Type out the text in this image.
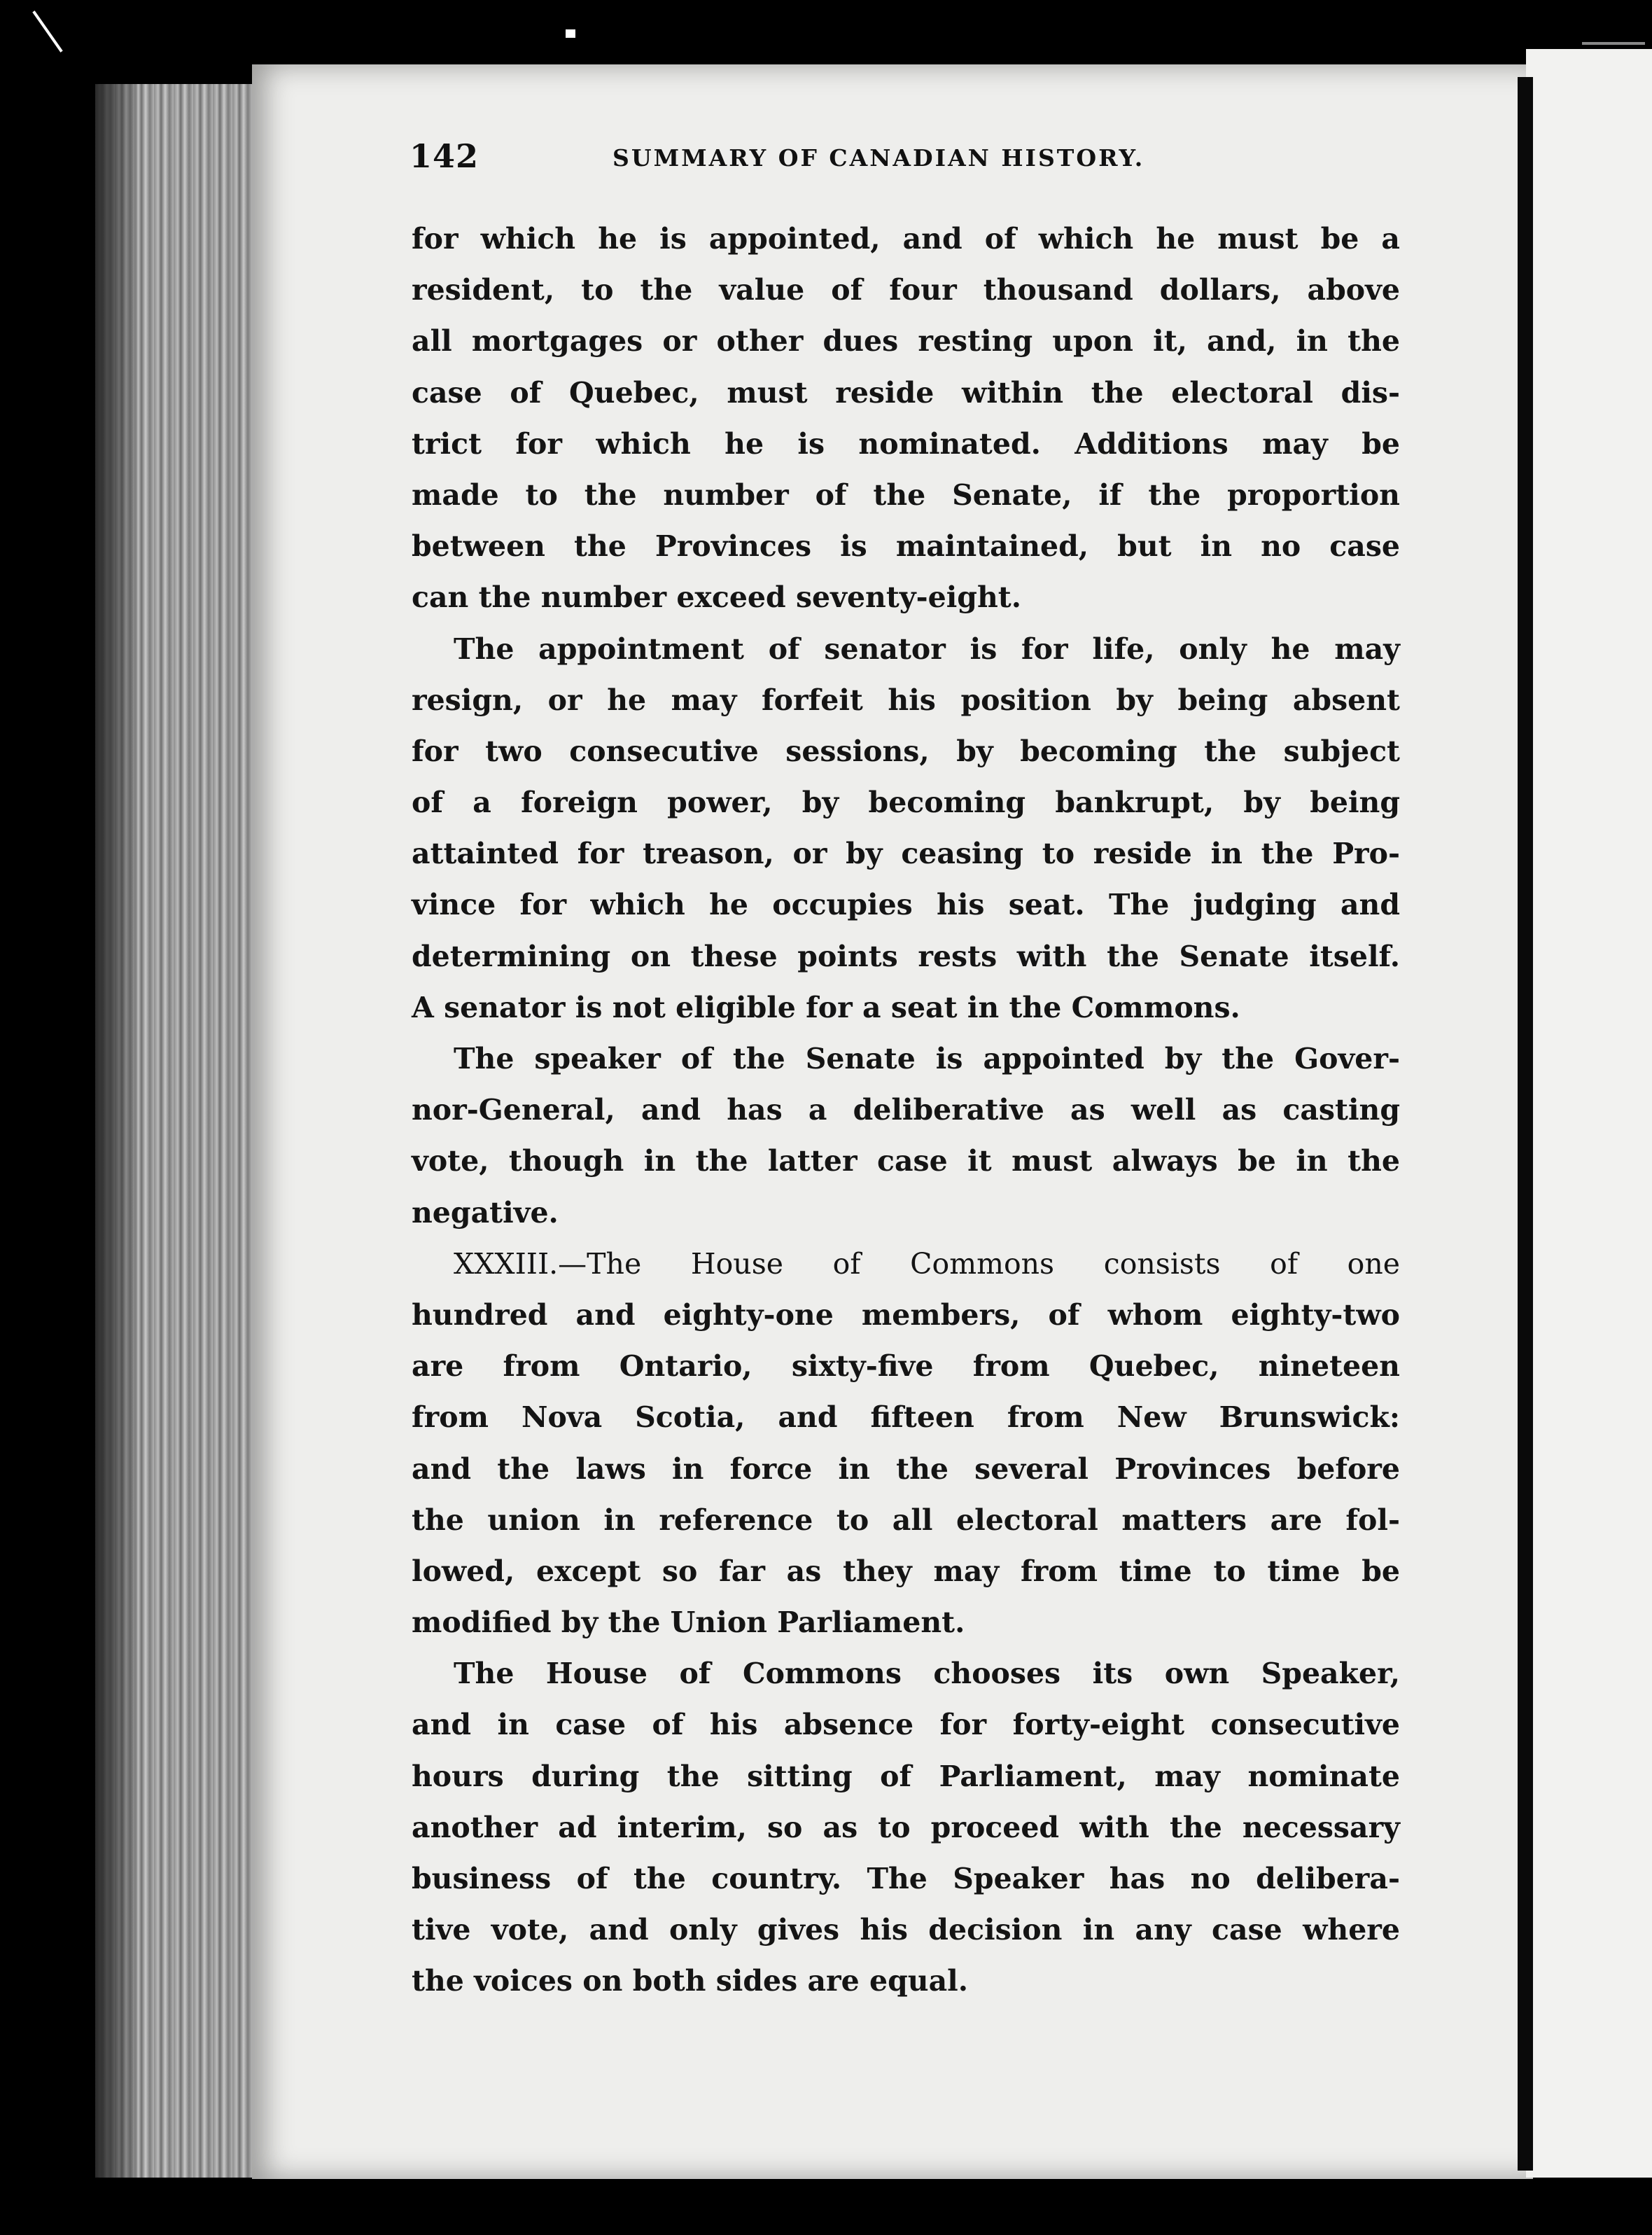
142	SUMMARY OF CANADIAN HISTORY.
for which he is appointed, and of which he must be a
resident, to the value of four thousand dollars, above
all mortgages or other dues resting upon it, and, in the
case of Quebec, must reside within the electoral dis-
trict for which he is nominated. Additions may be
made to the number of the Senate, if the proportion
between the Provinces is maintained, but in no case
can the number exceed seventy-eight.
The appointment of senator is for life, only he may
resign, or he may forfeit his position by being absent
for two consecutive sessions, by becoming the subject
of a foreign power, by becoming bankrupt, by being
attainted for treason, or by ceasing to reside in the Pro-
vince for which he occupies his seat. The judging and
determining on these points rests with the Senate itself.
A senator is not eligible for a seat in the Commons.
The speaker of the Senate is appointed by the Gover-
nor-General, and has a deliberative as well as casting
vote, though in the latter case it must always be in the
negative.
XXXIII.—The House of Commons consists of one
hundred and eighty-one members, of whom eighty-two
are from Ontario, sixty-five from Quebec, nineteen
from Nova Scotia, and fifteen from New Brunswick:
and the laws in force in the several Provinces before
the union in reference to all electoral matters are fol-
lowed, except so far as they may from time to time be
modified by the Union Parliament.
The House of Commons chooses its own Speaker,
and in case of his absence for forty-eight consecutive
hours during the sitting of Parliament, may nominate
another ad interim, so as to proceed with the necessary
business of the country. The Speaker has no delibera-
tive vote, and only gives his decision in any case where
the voices on both sides are equal.
